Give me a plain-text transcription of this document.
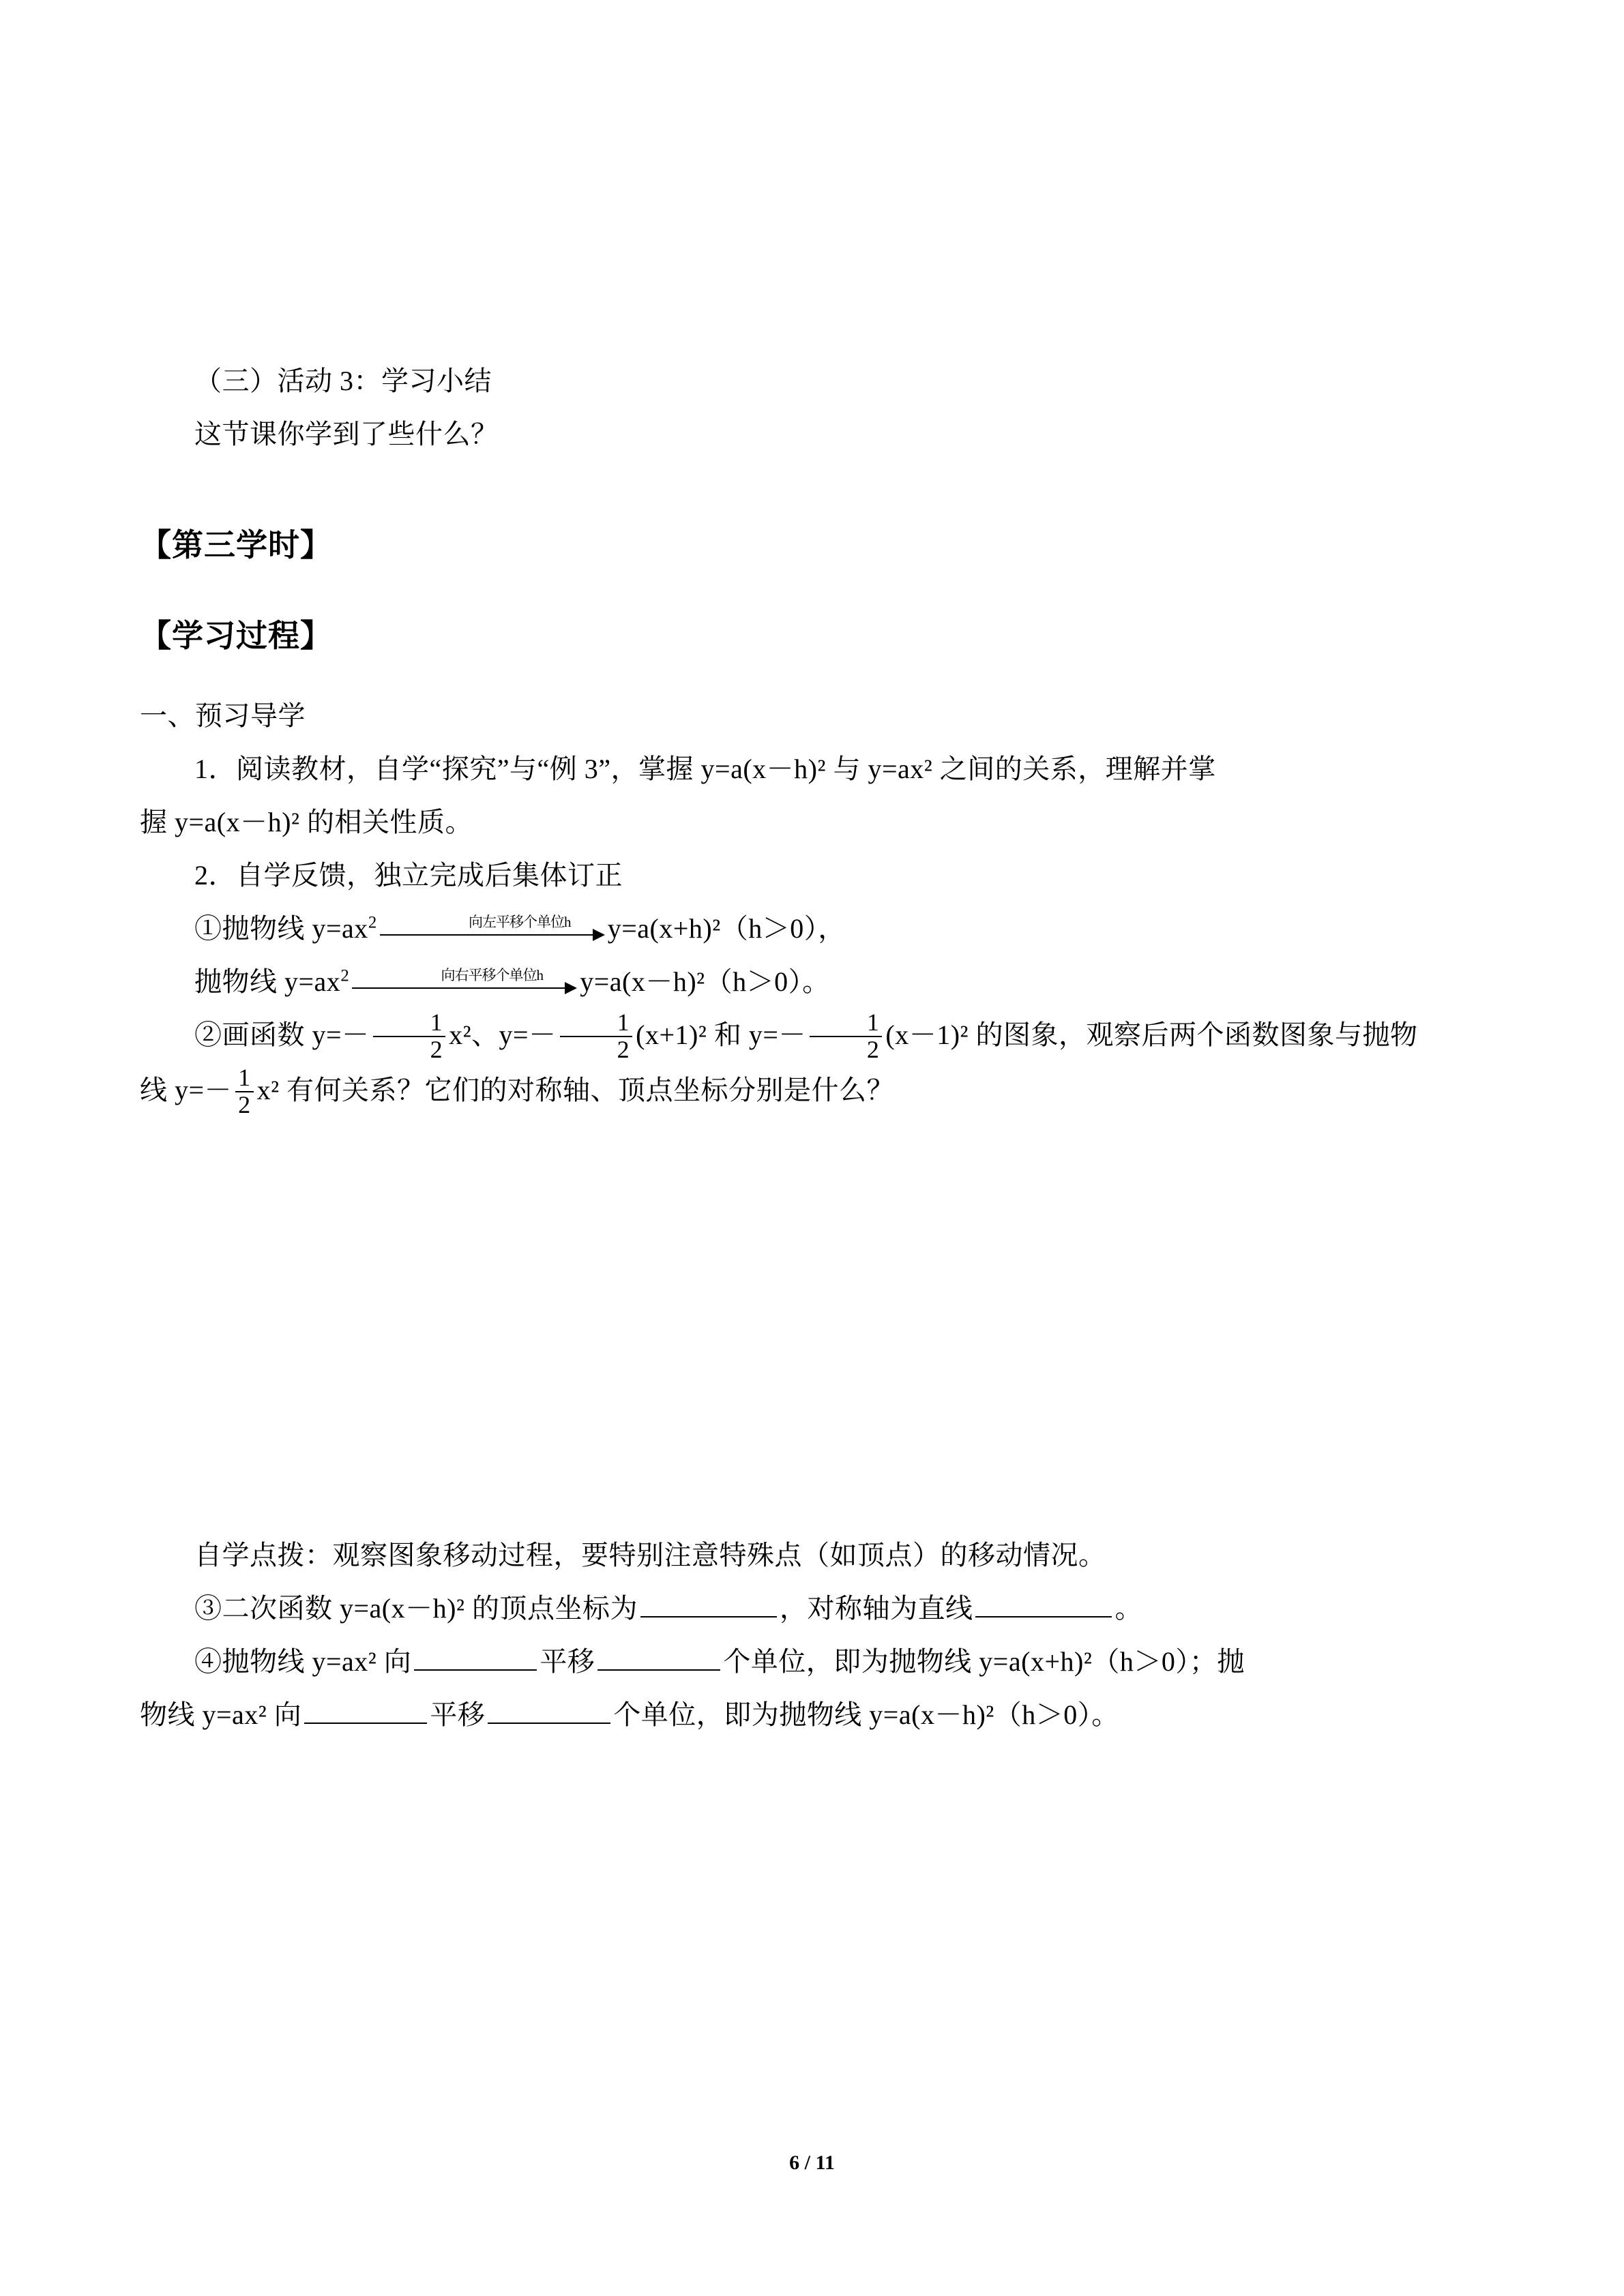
（三）活动 3：学习小结
这节课你学到了些什么？
【第三学时】
【学习过程】
一、预习导学
1．阅读教材，自学“探究”与“例 3”，掌握 y=a(x－h)² 与 y=ax² 之间的关系，理解并掌
握 y=a(x－h)² 的相关性质。
2．自学反馈，独立完成后集体订正
①抛物线 $y=ax^2$	向左平移个单位h	y=a(x+h)²（h＞0），
抛物线 $y=ax^2$	向右平移个单位h	y=a(x－h)²（h＞0）。
②画函数 $y=- \frac{1}{2} x^2$、$y=- \frac{1}{2} (x+1)^2$ 和 $y=- \frac{1}{2} (x-1)^2$ 的图象，观察后两个函数图象与抛物
线 $y=- \frac{1}{2} x^2$ 有何关系？它们的对称轴、顶点坐标分别是什么？
自学点拨：观察图象移动过程，要特别注意特殊点（如顶点）的移动情况。
③二次函数 y=a(x－h)² 的顶点坐标为	，对称轴为直线	。
④抛物线 y=ax² 向	平移	个单位，即为抛物线 y=a(x+h)²（h＞0）；抛
物线 y=ax² 向	平移	个单位，即为抛物线 y=a(x－h)²（h＞0）。
6 / 11
